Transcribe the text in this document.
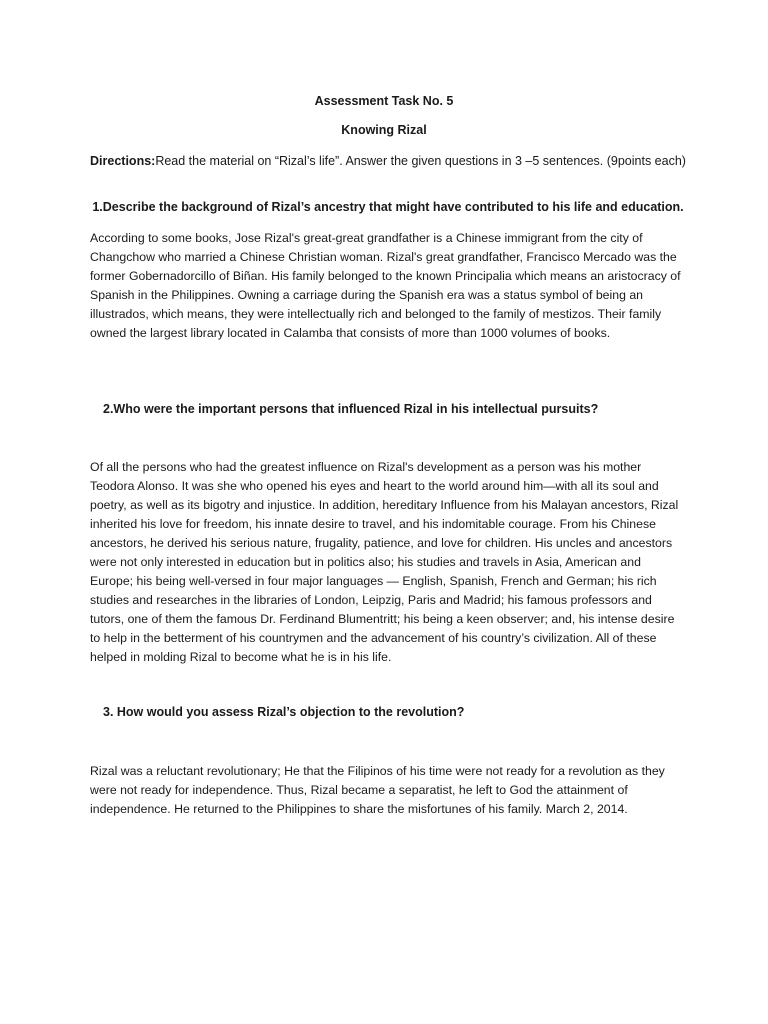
Assessment Task No. 5
Knowing Rizal
Directions:Read the material on “Rizal’s life”. Answer the given questions in 3 –5 sentences. (9points each)
1.Describe the background of Rizal’s ancestry that might have contributed to his life and education.
According to some books, Jose Rizal's great-great grandfather is a Chinese immigrant from the city of Changchow who married a Chinese Christian woman. Rizal's great grandfather, Francisco Mercado was the former Gobernadorcillo of Biñan. His family belonged to the known Principalia which means an aristocracy of Spanish in the Philippines. Owning a carriage during the Spanish era was a status symbol of being an illustrados, which means, they were intellectually rich and belonged to the family of mestizos. Their family owned the largest library located in Calamba that consists of more than 1000 volumes of books.
2.Who were the important persons that influenced Rizal in his intellectual pursuits?
Of all the persons who had the greatest influence on Rizal's development as a person was his mother Teodora Alonso. It was she who opened his eyes and heart to the world around him—with all its soul and poetry, as well as its bigotry and injustice. In addition, hereditary Influence from his Malayan ancestors, Rizal inherited his love for freedom, his innate desire to travel, and his indomitable courage. From his Chinese ancestors, he derived his serious nature, frugality, patience, and love for children. His uncles and ancestors were not only interested in education but in politics also; his studies and travels in Asia, American and Europe; his being well-versed in four major languages — English, Spanish, French and German; his rich studies and researches in the libraries of London, Leipzig, Paris and Madrid; his famous professors and tutors, one of them the famous Dr. Ferdinand Blumentritt; his being a keen observer; and, his intense desire to help in the betterment of his countrymen and the advancement of his country’s civilization. All of these helped in molding Rizal to become what he is in his life.
3. How would you assess Rizal’s objection to the revolution?
Rizal was a reluctant revolutionary; He that the Filipinos of his time were not ready for a revolution as they were not ready for independence. Thus, Rizal became a separatist, he left to God the attainment of independence. He returned to the Philippines to share the misfortunes of his family. March 2, 2014.
